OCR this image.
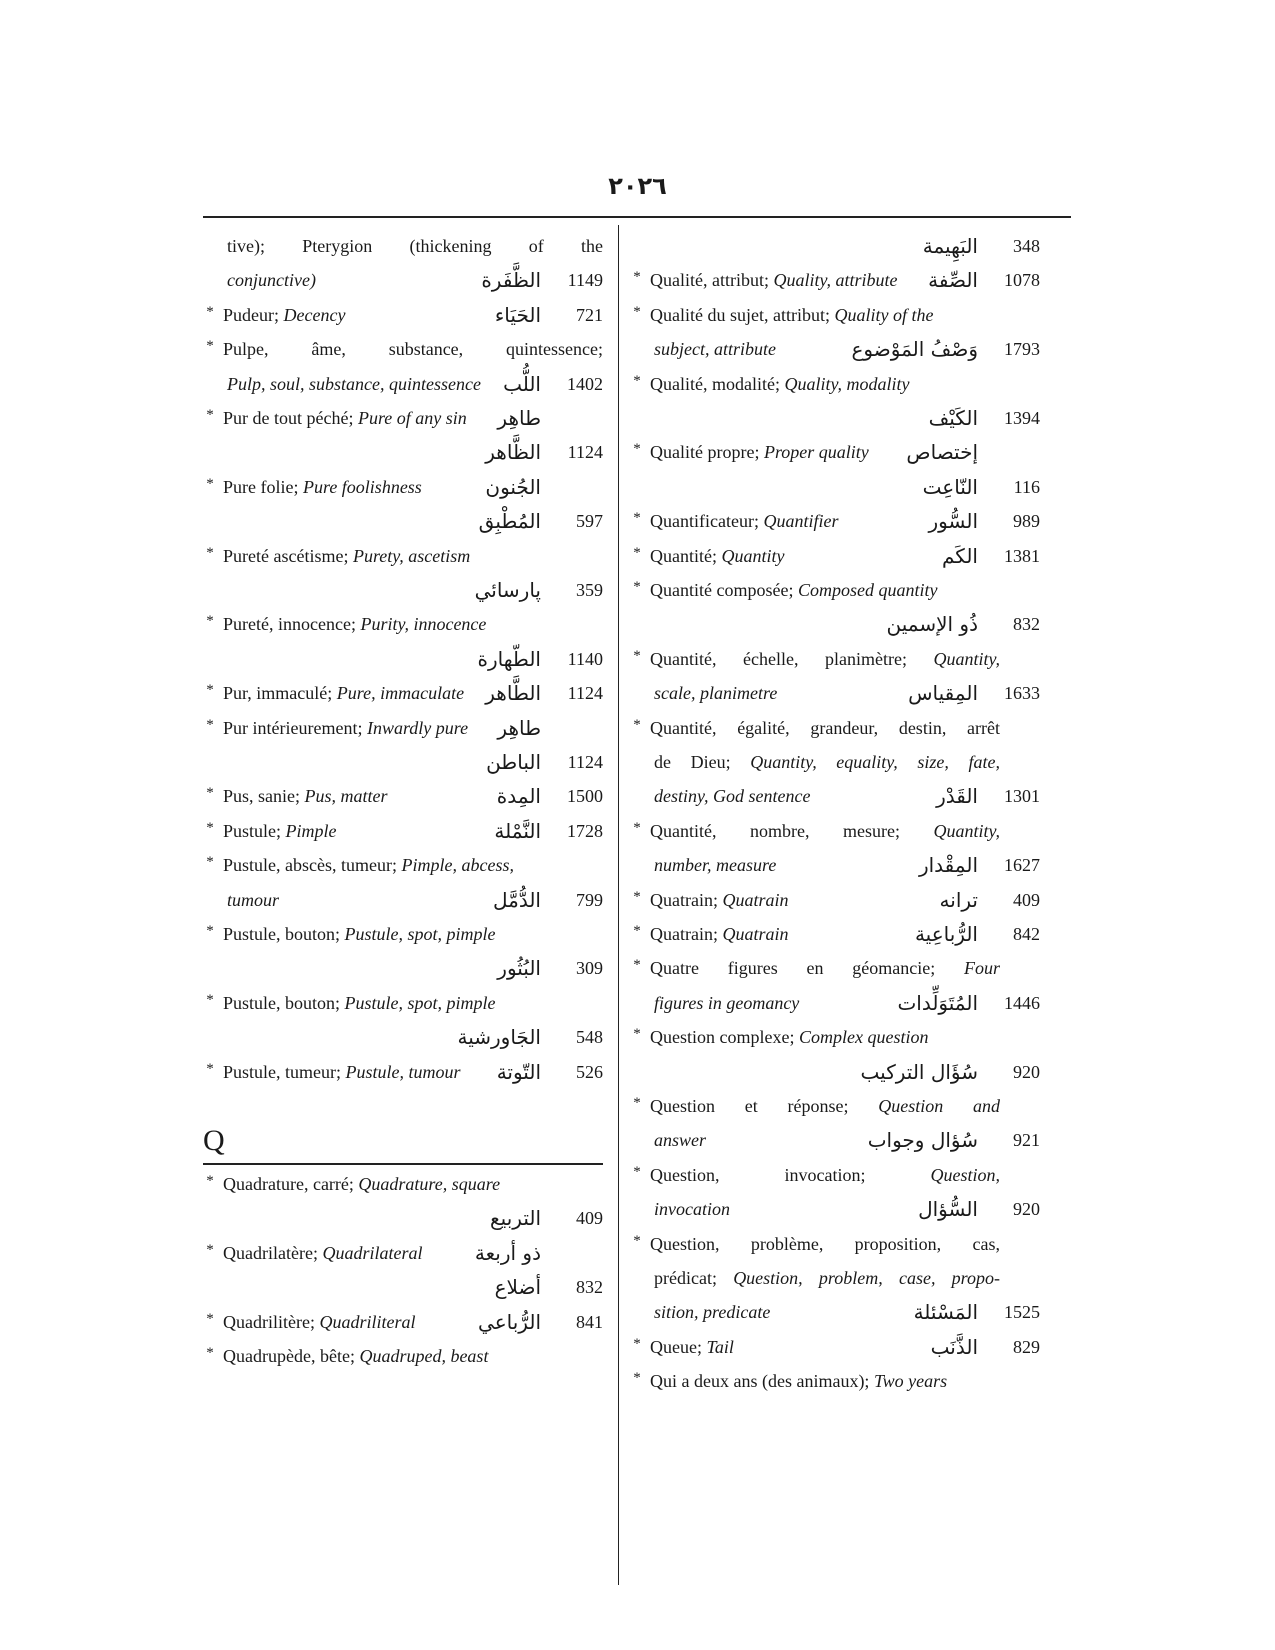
٢٠٢٦
البَهِيمة	348
* Qualité, attribut; Quality, attribute الصِّفة	1078
* Qualité du sujet, attribut; Quality of the
subject, attribute	وَصْفُ المَوْضوع	1793
* Qualité, modalité; Quality, modality
الكَيْف	1394
* Qualité propre; Proper quality إختصاص
النّاعِت	116
* Quantificateur; Quantifier	السُّور	989
* Quantité; Quantity	الكَم	1381
* Quantité composée; Composed quantity
ذُو الإسمين	832
* Quantité, échelle, planimètre; Quantity,
scale, planimetre	المِقياس	1633
* Quantité, égalité, grandeur, destin, arrêt
de Dieu; Quantity, equality, size, fate,
destiny, God sentence	القَدْر	1301
* Quantité, nombre, mesure; Quantity,
number, measure	المِقْدار	1627
* Quatrain; Quatrain	ترانه	409
* Quatrain; Quatrain	الرُّباعِية	842
* Quatre figures en géomancie; Four
figures in geomancy	المُتَوَلِّدات	1446
* Question complexe; Complex question
سُؤَال التركيب	920
* Question et réponse; Question and
answer	سُؤال وجواب	921
* Question, invocation; Question,
invocation	السُّؤال	920
* Question, problème, proposition, cas,
prédicat; Question, problem, case, propo-
sition, predicate	المَسْئلة	1525
* Queue; Tail	الذَّنَب	829
* Qui a deux ans (des animaux); Two years
tive); Pterygion (thickening of the
conjunctive)	الظَّفَرة	1149
* Pudeur; Decency	الحَيَاء	721
* Pulpe, âme, substance, quintessence;
Pulp, soul, substance, quintessence اللُّب	1402
* Pur de tout péché; Pure of any sin طاهِر
الظَّاهر	1124
* Pure folie; Pure foolishness	الجُنون
المُطْبِق	597
* Pureté ascétisme; Purety, ascetism
پارسائي	359
* Pureté, innocence; Purity, innocence
الطّهارة	1140
* Pur, immaculé; Pure, immaculate الطَّاهر	1124
* Pur intérieurement; Inwardly pure طاهِر
الباطن	1124
* Pus, sanie; Pus, matter	المِدة	1500
* Pustule; Pimple	النَّمْلة	1728
* Pustule, abscès, tumeur; Pimple, abcess,
tumour	الدُّمَّل	799
* Pustule, bouton; Pustule, spot, pimple
البُثُور	309
* Pustule, bouton; Pustule, spot, pimple
الجَاورشية	548
* Pustule, tumeur; Pustule, tumour التّوتة	526
Q
* Quadrature, carré; Quadrature, square
التربيع	409
* Quadrilatère; Quadrilateral	ذو أربعة
أضلاع	832
* Quadrilitère; Quadriliteral	الرُّباعي	841
* Quadrupède, bête; Quadruped, beast
